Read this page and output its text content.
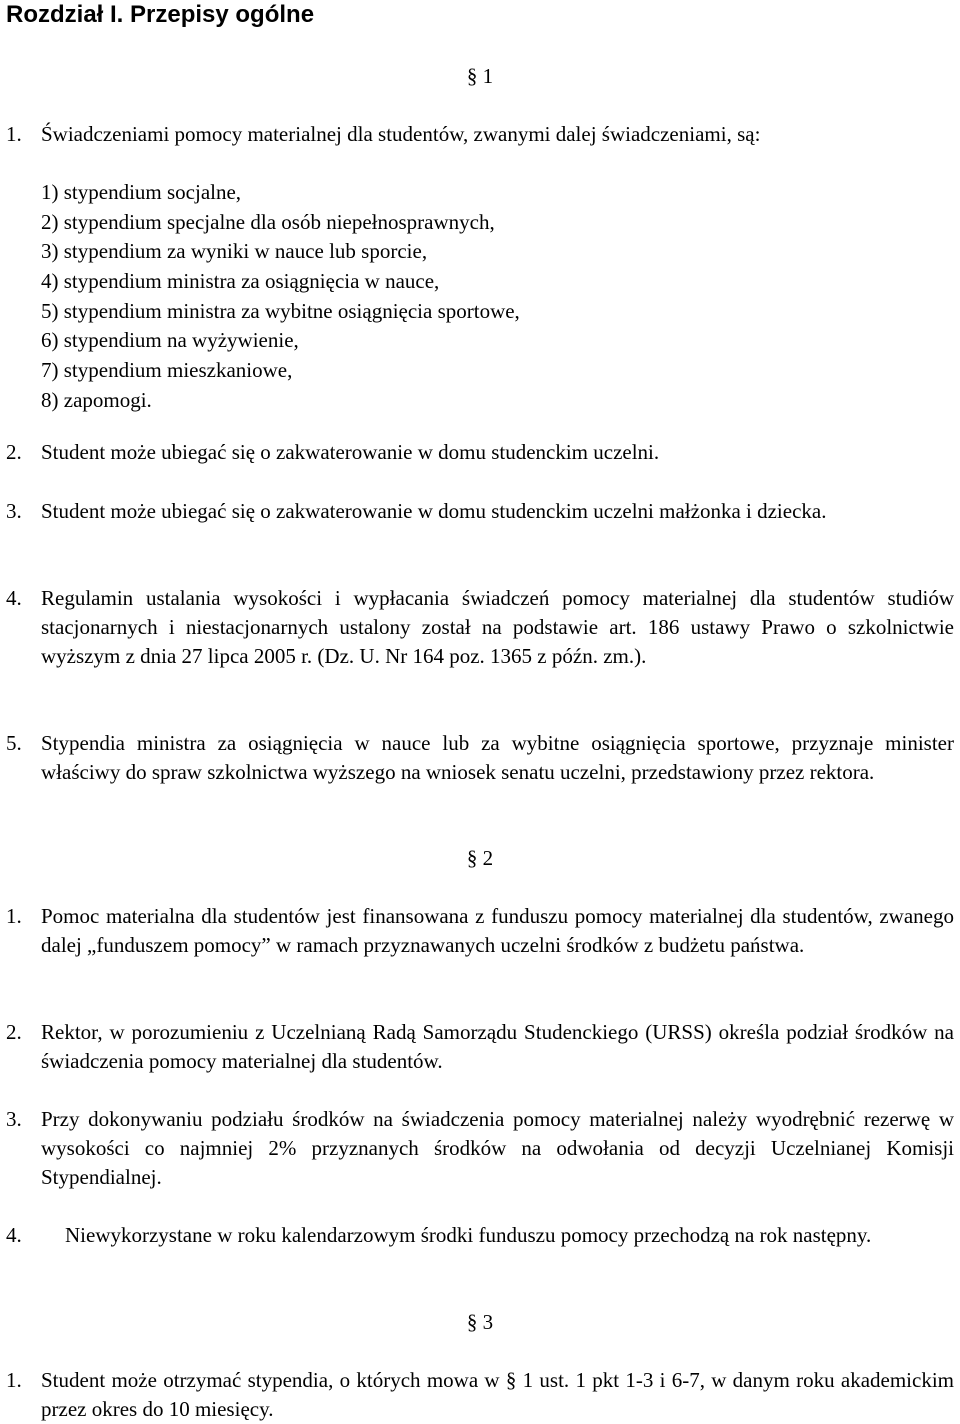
Rozdział I. Przepisy ogólne
§ 1
1. Świadczeniami pomocy materialnej dla studentów, zwanymi dalej świadczeniami, są:
1) stypendium socjalne,
2) stypendium specjalne dla osób niepełnosprawnych,
3) stypendium za wyniki w nauce lub sporcie,
4) stypendium ministra za osiągnięcia w nauce,
5) stypendium ministra za wybitne osiągnięcia sportowe,
6) stypendium na wyżywienie,
7) stypendium mieszkaniowe,
8) zapomogi.
2. Student może ubiegać się o zakwaterowanie w domu studenckim uczelni.
3. Student może ubiegać się o zakwaterowanie w domu studenckim uczelni małżonka i dziecka.
4. Regulamin ustalania wysokości i wypłacania świadczeń pomocy materialnej dla studentów studiów stacjonarnych i niestacjonarnych ustalony został na podstawie art. 186 ustawy Prawo o szkolnictwie wyższym z dnia 27 lipca 2005 r. (Dz. U. Nr 164 poz. 1365 z późn. zm.).
5. Stypendia ministra za osiągnięcia w nauce lub za wybitne osiągnięcia sportowe, przyznaje minister właściwy do spraw szkolnictwa wyższego na wniosek senatu uczelni, przedstawiony przez rektora.
§ 2
1. Pomoc materialna dla studentów jest finansowana z funduszu pomocy materialnej dla studentów, zwanego dalej „funduszem pomocy” w ramach przyznawanych uczelni środków z budżetu państwa.
2. Rektor, w porozumieniu z Uczelnianą Radą Samorządu Studenckiego (URSS) określa podział środków na świadczenia pomocy materialnej dla studentów.
3. Przy dokonywaniu podziału środków na świadczenia pomocy materialnej należy wyodrębnić rezerwę w wysokości co najmniej 2% przyznanych środków na odwołania od decyzji Uczelnianej Komisji Stypendialnej.
4. Niewykorzystane w roku kalendarzowym środki funduszu pomocy przechodzą na rok następny.
§ 3
1. Student może otrzymać stypendia, o których mowa w § 1 ust. 1 pkt 1-3 i 6-7, w danym roku akademickim przez okres do 10 miesięcy.
